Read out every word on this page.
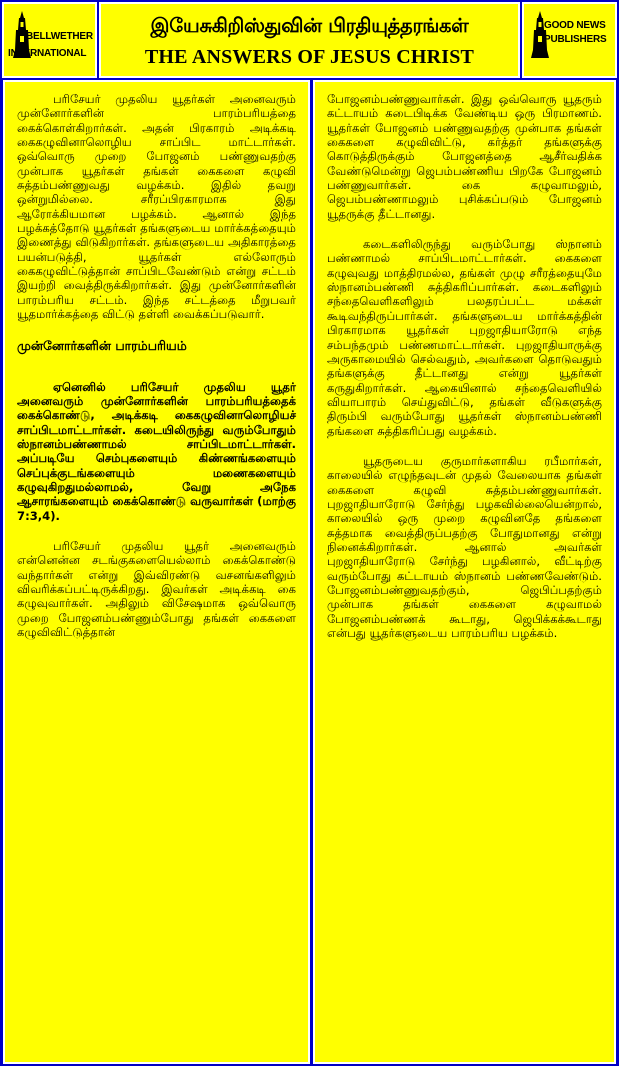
BELLWETHER
INTERNATIONAL
இயேசுகிறிஸ்துவின் பிரதியுத்தரங்கள்
THE ANSWERS OF JESUS CHRIST
GOOD NEWS
PUBLISHERS

பரிசேயர் முதலிய யூதர்கள் அனைவரும் முன்னோர்களின் பாரம்பரியத்தை கைக்கொள்கிறார்கள். அதன் பிரகாரம் அடிக்கடி கைகழுவினாலொழிய சாப்பிட மாட்டார்கள். ஒவ்வொரு முறை போஜனம் பண்ணுவதற்கு முன்பாக யூதர்கள் தங்கள் கைகளை கழுவி சுத்தம்பண்ணுவது வழக்கம். இதில் தவறு ஒன்றுமில்லை. சரீரப்பிரகாரமாக இது ஆரோக்கியமான பழக்கம். ஆனால் இந்த பழக்கத்தோடு யூதர்கள் தங்களுடைய மார்க்கத்தையும் இணைத்து விடுகிறார்கள். தங்களுடைய அதிகாரத்தை பயன்படுத்தி, யூதர்கள் எல்லோரும் கைகழுவிட்டுத்தான் சாப்பிடவேண்டும் என்று சட்டம் இயற்றி வைத்திருக்கிறார்கள். இது முன்னோர்களின் பாரம்பரிய சட்டம். இந்த சட்டத்தை மீறுபவர் யூதமார்க்கத்தை விட்டு தள்ளி வைக்கப்படுவார்.

முன்னோர்களின் பாரம்பரியம்

ஏனெனில் பரிசேயர் முதலிய யூதர் அனைவரும் முன்னோர்களின் பாரம்பரியத்தைக் கைக்கொண்டு, அடிக்கடி கைகழுவினாலொழியச் சாப்பிடமாட்டார்கள். கடையிலிருந்து வரும்போதும் ஸ்நானம்பண்ணாமல் சாப்பிடமாட்டார்கள். அப்படியே செம்புகளையும் கிண்ணங்களையும் செப்புக்குடங்களையும் மணைகளையும் கழுவுகிறதுமல்லாமல், வேறு அநேக ஆசாரங்களையும் கைக்கொண்டு வருவார்கள் (மாற்கு 7:3,4).

பரிசேயர் முதலிய யூதர் அனைவரும் என்னென்ன சடங்குகளையெல்லாம் கைக்கொண்டு வந்தார்கள் என்று இவ்விரண்டு வசனங்களிலும் விவரிக்கப்பட்டிருக்கிறது. இவர்கள் அடிக்கடி கை கழுவுவார்கள். அதிலும் விசேஷமாக ஒவ்வொரு முறை போஜனம்பண்ணும்போது தங்கள் கைகளை கழுவிவிட்டுத்தான்

போஜனம்பண்ணுவார்கள். இது ஒவ்வொரு யூதரும் கட்டாயம் கடைபிடிக்க வேண்டிய ஒரு பிரமாணம். யூதர்கள் போஜனம் பண்ணுவதற்கு முன்பாக தங்கள் கைகளை கழுவிவிட்டு, கர்த்தர் தங்களுக்கு கொடுத்திருக்கும் போஜனத்தை ஆசீர்வதிக்க வேண்டுமென்று ஜெபம்பண்ணிய பிறகே போஜனம் பண்ணுவார்கள். கை கழுவாமலும், ஜெபம்பண்ணாமலும் புசிக்கப்படும் போஜனம் யூதருக்கு தீட்டானது.

கடைகளிலிருந்து வரும்போது ஸ்நானம் பண்ணாமல் சாப்பிடமாட்டார்கள். கைகளை கழுவுவது மாத்திரமல்ல, தங்கள் முழு சரீரத்தையுமே ஸ்நானம்பண்ணி சுத்திகரிப்பார்கள். கடைகளிலும் சந்தைவெளிகளிலும் பலதரப்பட்ட மக்கள் கூடிவந்திருப்பார்கள். தங்களுடைய மார்க்கத்தின் பிரகாரமாக யூதர்கள் புறஜாதியாரோடு எந்த சம்பந்தமும் பண்ணமாட்டார்கள். புறஜாதியாருக்கு அருகாமையில் செல்வதும், அவர்களை தொடுவதும் தங்களுக்கு தீட்டானது என்று யூதர்கள் கருதுகிறார்கள். ஆகையினால் சந்தைவெளியில் வியாபாரம் செய்துவிட்டு, தங்கள் வீடுகளுக்கு திரும்பி வரும்போது யூதர்கள் ஸ்நானம்பண்ணி தங்களை சுத்திகரிப்பது வழக்கம்.

யூதருடைய குருமார்களாகிய ரபீமார்கள், காலையில் எழுந்தவுடன் முதல் வேலையாக தங்கள் கைகளை கழுவி சுத்தம்பண்ணுவார்கள். புறஜாதியாரோடு சேர்ந்து பழகவில்லையென்றால், காலையில் ஒரு முறை கழுவினதே தங்களை சுத்தமாக வைத்திருப்பதற்கு போதுமானது என்று நினைக்கிறார்கள். ஆனால் அவர்கள் புறஜாதியாரோடு சேர்ந்து பழகினால், வீட்டிற்கு வரும்போது கட்டாயம் ஸ்நானம் பண்ணவேண்டும். போஜனம்பண்ணுவதற்கும், ஜெபிப்பதற்கும் முன்பாக தங்கள் கைகளை கழுவாமல் போஜனம்பண்ணக் கூடாது, ஜெபிக்கக்கூடாது என்பது யூதர்களுடைய பாரம்பரிய பழக்கம்.
